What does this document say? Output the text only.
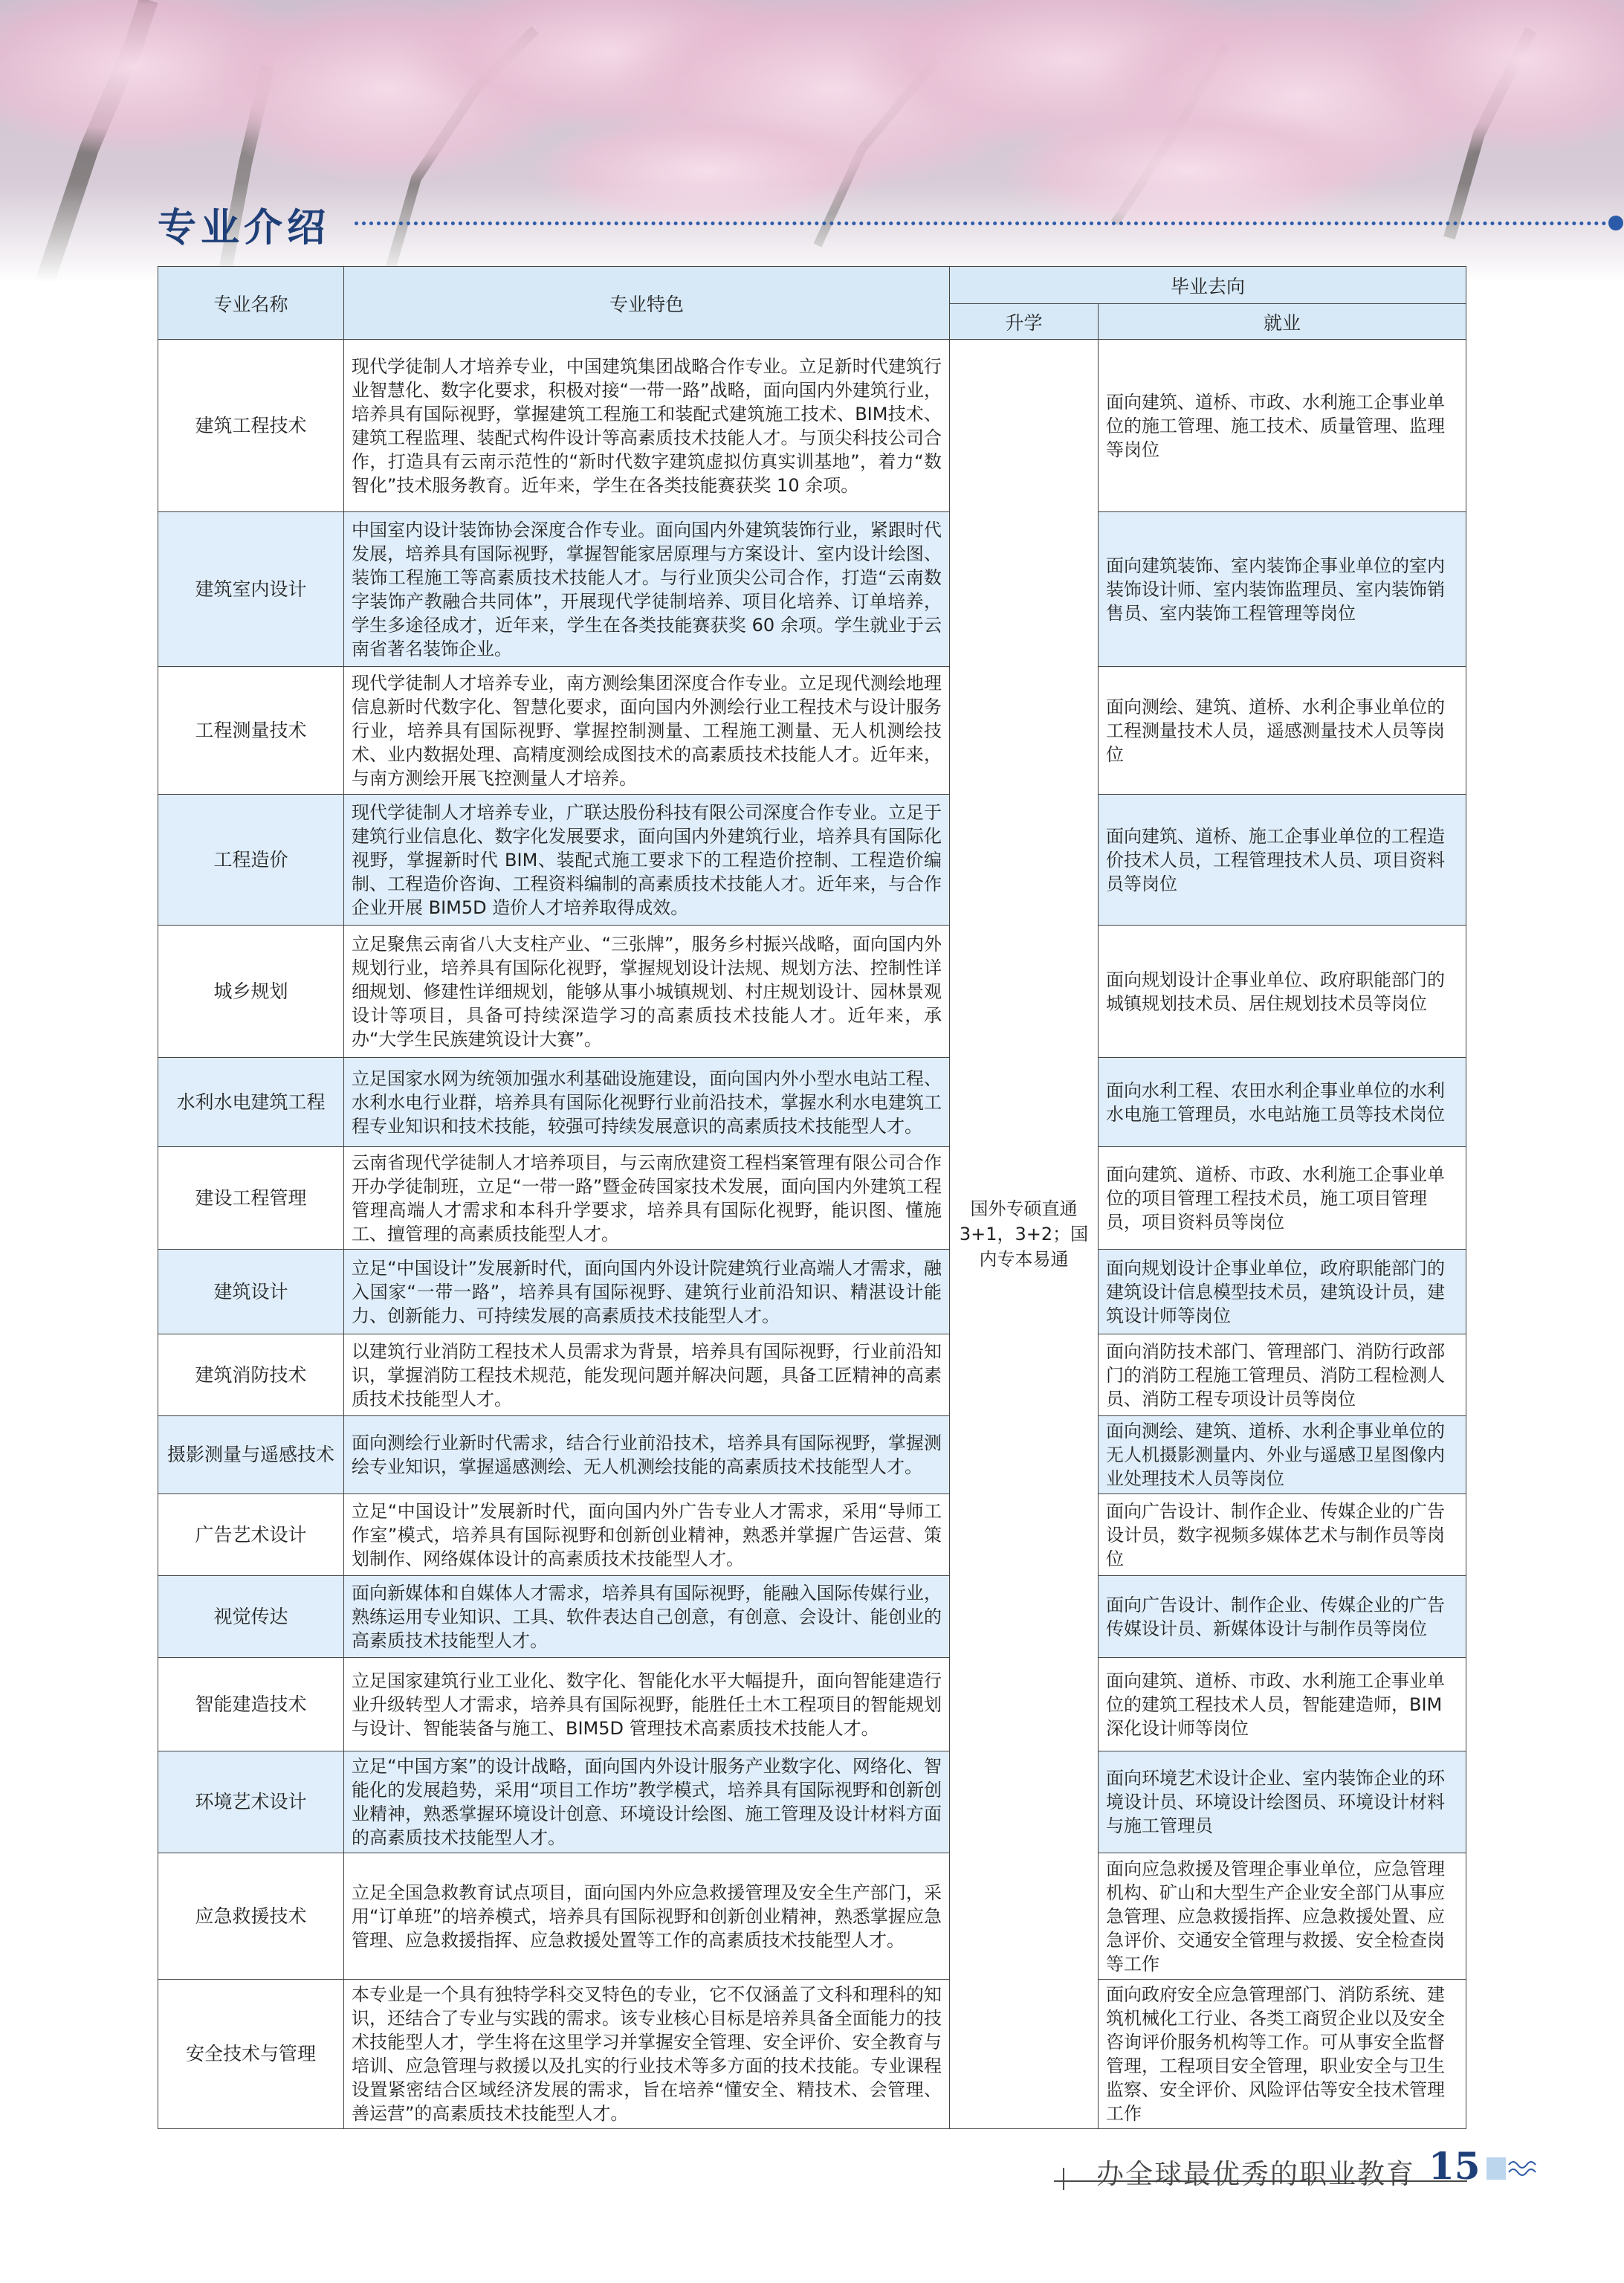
专业介绍
专业名称	专业特色	毕业去向	
		升学	就业
建筑工程技术	现代学徒制人才培养专业，中国建筑集团战略合作专业。立足新时代建筑行业智慧化、数字化要求，积极对接“一带一路”战略，面向国内外建筑行业，培养具有国际视野，掌握建筑工程施工和装配式建筑施工技术、BIM技术、建筑工程监理、装配式构件设计等高素质技术技能人才。与顶尖科技公司合作，打造具有云南示范性的“新时代数字建筑虚拟仿真实训基地”，着力“数智化”技术服务教育。近年来，学生在各类技能赛获奖 10 余项。	国外专硕直通3+1，3+2；国内专本易通	面向建筑、道桥、市政、水利施工企事业单位的施工管理、施工技术、质量管理、监理等岗位
建筑室内设计	中国室内设计装饰协会深度合作专业。面向国内外建筑装饰行业，紧跟时代发展，培养具有国际视野，掌握智能家居原理与方案设计、室内设计绘图、装饰工程施工等高素质技术技能人才。与行业顶尖公司合作，打造“云南数字装饰产教融合共同体”，开展现代学徒制培养、项目化培养、订单培养，学生多途径成才，近年来，学生在各类技能赛获奖 60 余项。学生就业于云南省著名装饰企业。		面向建筑装饰、室内装饰企事业单位的室内装饰设计师、室内装饰监理员、室内装饰销售员、室内装饰工程管理等岗位
工程测量技术	现代学徒制人才培养专业，南方测绘集团深度合作专业。立足现代测绘地理信息新时代数字化、智慧化要求，面向国内外测绘行业工程技术与设计服务行业，培养具有国际视野、掌握控制测量、工程施工测量、无人机测绘技术、业内数据处理、高精度测绘成图技术的高素质技术技能人才。近年来，与南方测绘开展飞控测量人才培养。		面向测绘、建筑、道桥、水利企事业单位的工程测量技术人员，遥感测量技术人员等岗位
工程造价	现代学徒制人才培养专业，广联达股份科技有限公司深度合作专业。立足于建筑行业信息化、数字化发展要求，面向国内外建筑行业，培养具有国际化视野，掌握新时代 BIM、装配式施工要求下的工程造价控制、工程造价编制、工程造价咨询、工程资料编制的高素质技术技能人才。近年来，与合作企业开展 BIM5D 造价人才培养取得成效。		面向建筑、道桥、施工企事业单位的工程造价技术人员，工程管理技术人员、项目资料员等岗位
城乡规划	立足聚焦云南省八大支柱产业、“三张牌”，服务乡村振兴战略，面向国内外规划行业，培养具有国际化视野，掌握规划设计法规、规划方法、控制性详细规划、修建性详细规划，能够从事小城镇规划、村庄规划设计、园林景观设计等项目，具备可持续深造学习的高素质技术技能人才。近年来，承办“大学生民族建筑设计大赛”。		面向规划设计企事业单位、政府职能部门的城镇规划技术员、居住规划技术员等岗位
水利水电建筑工程	立足国家水网为统领加强水利基础设施建设，面向国内外小型水电站工程、水利水电行业群，培养具有国际化视野行业前沿技术，掌握水利水电建筑工程专业知识和技术技能，较强可持续发展意识的高素质技术技能型人才。		面向水利工程、农田水利企事业单位的水利水电施工管理员，水电站施工员等技术岗位
建设工程管理	云南省现代学徒制人才培养项目，与云南欣建资工程档案管理有限公司合作开办学徒制班，立足“一带一路”暨金砖国家技术发展，面向国内外建筑工程管理高端人才需求和本科升学要求，培养具有国际化视野，能识图、懂施工、擅管理的高素质技能型人才。		面向建筑、道桥、市政、水利施工企事业单位的项目管理工程技术员，施工项目管理员，项目资料员等岗位
建筑设计	立足“中国设计”发展新时代，面向国内外设计院建筑行业高端人才需求，融入国家“一带一路”，培养具有国际视野、建筑行业前沿知识、精湛设计能力、创新能力、可持续发展的高素质技术技能型人才。		面向规划设计企事业单位，政府职能部门的建筑设计信息模型技术员，建筑设计员，建筑设计师等岗位
建筑消防技术	以建筑行业消防工程技术人员需求为背景，培养具有国际视野，行业前沿知识，掌握消防工程技术规范，能发现问题并解决问题，具备工匠精神的高素质技术技能型人才。		面向消防技术部门、管理部门、消防行政部门的消防工程施工管理员、消防工程检测人员、消防工程专项设计员等岗位
摄影测量与遥感技术	面向测绘行业新时代需求，结合行业前沿技术，培养具有国际视野，掌握测绘专业知识，掌握遥感测绘、无人机测绘技能的高素质技术技能型人才。		面向测绘、建筑、道桥、水利企事业单位的无人机摄影测量内、外业与遥感卫星图像内业处理技术人员等岗位
广告艺术设计	立足“中国设计”发展新时代，面向国内外广告专业人才需求，采用“导师工作室”模式，培养具有国际视野和创新创业精神，熟悉并掌握广告运营、策划制作、网络媒体设计的高素质技术技能型人才。		面向广告设计、制作企业、传媒企业的广告设计员，数字视频多媒体艺术与制作员等岗位
视觉传达	面向新媒体和自媒体人才需求，培养具有国际视野，能融入国际传媒行业，熟练运用专业知识、工具、软件表达自己创意，有创意、会设计、能创业的高素质技术技能型人才。		面向广告设计、制作企业、传媒企业的广告传媒设计员、新媒体设计与制作员等岗位
智能建造技术	立足国家建筑行业工业化、数字化、智能化水平大幅提升，面向智能建造行业升级转型人才需求，培养具有国际视野，能胜任土木工程项目的智能规划与设计、智能装备与施工、BIM5D 管理技术高素质技术技能人才。		面向建筑、道桥、市政、水利施工企事业单位的建筑工程技术人员，智能建造师，BIM 深化设计师等岗位
环境艺术设计	立足“中国方案”的设计战略，面向国内外设计服务产业数字化、网络化、智能化的发展趋势，采用“项目工作坊”教学模式，培养具有国际视野和创新创业精神，熟悉掌握环境设计创意、环境设计绘图、施工管理及设计材料方面的高素质技术技能型人才。		面向环境艺术设计企业、室内装饰企业的环境设计员、环境设计绘图员、环境设计材料与施工管理员
应急救援技术	立足全国急救教育试点项目，面向国内外应急救援管理及安全生产部门，采用“订单班”的培养模式，培养具有国际视野和创新创业精神，熟悉掌握应急管理、应急救援指挥、应急救援处置等工作的高素质技术技能型人才。		面向应急救援及管理企事业单位，应急管理机构、矿山和大型生产企业安全部门从事应急管理、应急救援指挥、应急救援处置、应急评价、交通安全管理与救援、安全检查岗等工作
安全技术与管理	本专业是一个具有独特学科交叉特色的专业，它不仅涵盖了文科和理科的知识，还结合了专业与实践的需求。该专业核心目标是培养具备全面能力的技术技能型人才，学生将在这里学习并掌握安全管理、安全评价、安全教育与培训、应急管理与救援以及扎实的行业技术等多方面的技术技能。专业课程设置紧密结合区域经济发展的需求，旨在培养“懂安全、精技术、会管理、善运营”的高素质技术技能型人才。		面向政府安全应急管理部门、消防系统、建筑机械化工行业、各类工商贸企业以及安全咨询评价服务机构等工作。可从事安全监督管理，工程项目安全管理，职业安全与卫生监察、安全评价、风险评估等安全技术管理工作
办全球最优秀的职业教育 15
